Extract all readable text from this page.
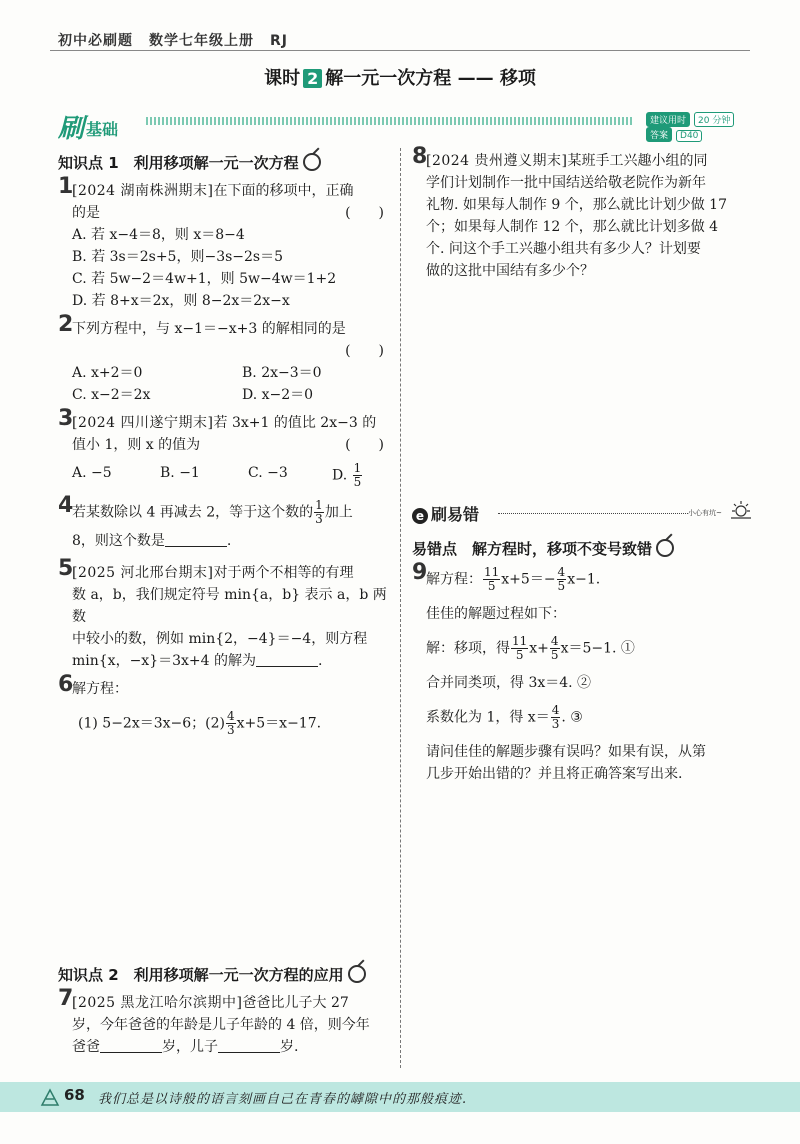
初中必刷题 数学七年级上册 RJ
课时 2 解一元一次方程 —— 移项
刷基础	建议用时 20 分钟答案 D40
知识点 1　利用移项解一元一次方程
1
[2024 湖南株洲期末]在下面的移项中，正确
的是	(　　)
A. 若 x−4＝8，则 x＝8−4
B. 若 3s＝2s+5，则−3s−2s＝5
C. 若 5w−2＝4w+1，则 5w−4w＝1+2
D. 若 8+x＝2x，则 8−2x＝2x−x
2
下列方程中，与 x−1＝−x+3 的解相同的是
(　　)
A. x+2＝0	B. 2x−3＝0
C. x−2＝2x	D. x−2＝0
3
[2024 四川遂宁期末]若 3x+1 的值比 2x−3 的
值小 1，则 x 的值为	(　　)
A. −5	B. −1	C. −3	D. $\frac{1}{5}$
4
若某数除以 4 再减去 2，等于这个数的 $\frac{1}{3}$ 加上
8，则这个数是	.
5
[2025 河北邢台期末]对于两个不相等的有理
数 a，b，我们规定符号 min{a，b} 表示 a，b 两数
中较小的数，例如 min{2，−4}＝−4，则方程
min{x，−x}＝3x+4 的解为	.
6
解方程：
(1) 5−2x＝3x−6；$(2) \frac{4}{3} x+5=x-17$.
知识点 2　利用移项解一元一次方程的应用
7
[2025 黑龙江哈尔滨期中]爸爸比儿子大 27
岁，今年爸爸的年龄是儿子年龄的 4 倍，则今年
爸爸	岁，儿子	岁.
8
[2024 贵州遵义期末]某班手工兴趣小组的同
学们计划制作一批中国结送给敬老院作为新年
礼物. 如果每人制作 9 个，那么就比计划少做 17
个；如果每人制作 12 个，那么就比计划多做 4
个. 问这个手工兴趣小组共有多少人？计划要
做的这批中国结有多少个？
e 刷易错	小心有坑~
易错点　解方程时，移项不变号致错
9
解方程： $\frac{11}{5} x+5=- \frac{4}{5} x-1$.
佳佳的解题过程如下：
解：移项，得 $\frac{11}{5} x+ \frac{4}{5} x=5-1$. ①
合并同类项，得 3x＝4. ②
系数化为 1，得 $x= \frac{4}{3}$ . ③
请问佳佳的解题步骤有误吗？如果有误，从第
几步开始出错的？并且将正确答案写出来.
68 我们总是以诗般的语言刻画自己在青春的罅隙中的那般痕迹.
